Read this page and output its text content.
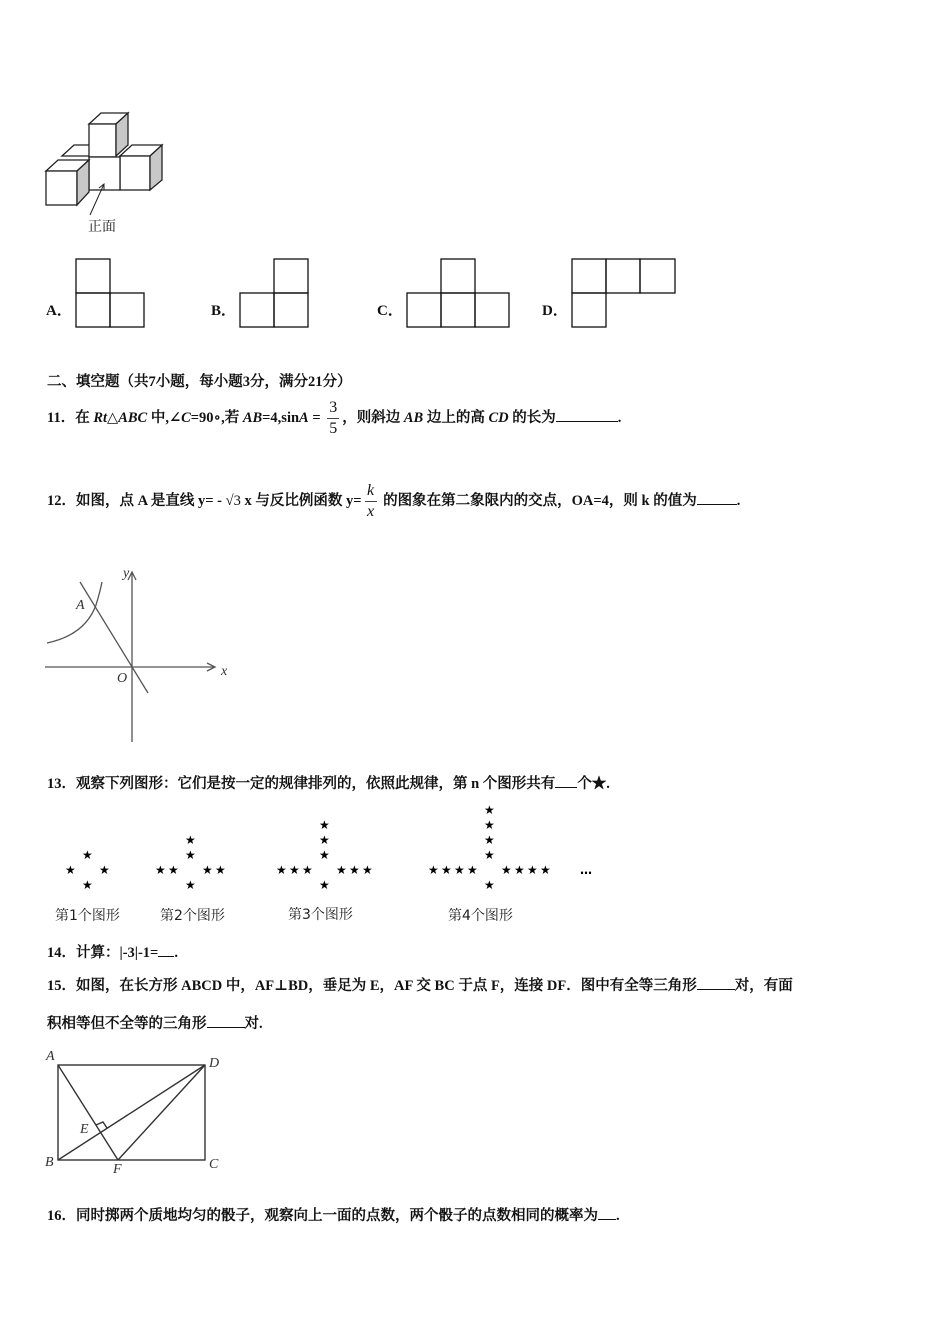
正面
A．	B．	C．	D．
二、填空题（共7小题，每小题3分，满分21分）
11．在 Rt△ABC 中,∠C=90∘,若 $AB=4,\sin A = \frac{3}{5}$ ，则斜边 AB 边上的高 CD 的长为	.
12．如图，点 A 是直线 y= - √3 x 与反比例函数 $y= \frac{k}{x}$ 的图象在第二象限内的交点，OA=4，则 k 的值为	.
A
O	x
y
13．观察下列图形：它们是按一定的规律排列的，依照此规律，第 n 个图形共有 个★.
★
★ ★
★
★
★ ★
★
★	★
★
★
★ ★
★
★	★
★
★	★
★
★
★ ★
★
★	★
★
★	★
★
★	★
★
…
第1个图形	第2个图形	第3个图形	第4个图形
14．计算：|-3|-1= .
15．如图，在长方形 ABCD 中，AF⊥BD，垂足为 E，AF 交 BC 于点 F，连接 DF．图中有全等三角形	对，有面
积相等但不全等的三角形	对.
A	D
B	C
E
F
16．同时掷两个质地均匀的骰子，观察向上一面的点数，两个骰子的点数相同的概率为 .
